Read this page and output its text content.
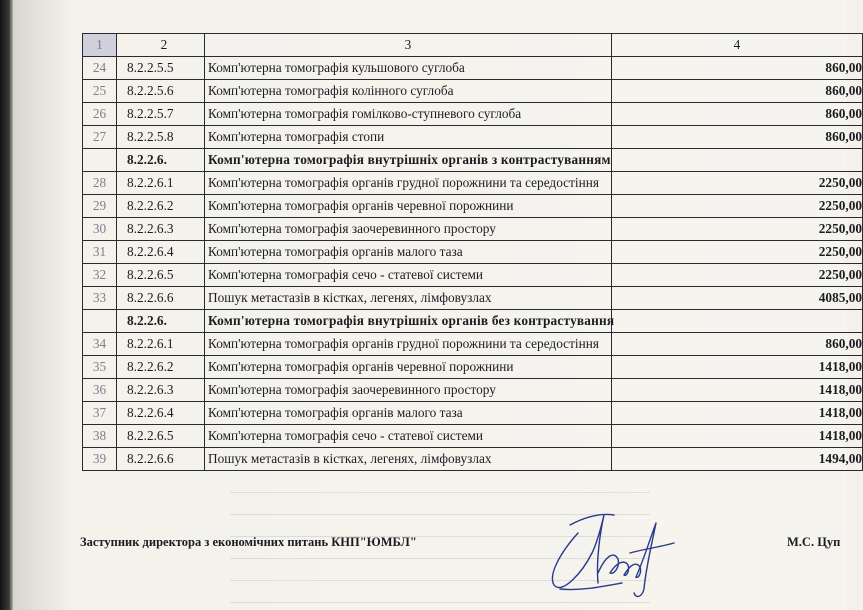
1	2	3	4
24	8.2.2.5.5	Комп'ютерна томографія кульшового суглоба	860,00
25	8.2.2.5.6	Комп'ютерна томографія колінного суглоба	860,00
26	8.2.2.5.7	Комп'ютерна томографія гомілково-ступневого суглоба	860,00
27	8.2.2.5.8	Комп'ютерна томографія стопи	860,00
	8.2.2.6.	Комп'ютерна томографія внутрішніх органів з контрастуванням	
28	8.2.2.6.1	Комп'ютерна томографія органів грудної порожнини та середостіння	2250,00
29	8.2.2.6.2	Комп'ютерна томографія органів черевної порожнини	2250,00
30	8.2.2.6.3	Комп'ютерна томографія заочеревинного простору	2250,00
31	8.2.2.6.4	Комп'ютерна томографія органів малого таза	2250,00
32	8.2.2.6.5	Комп'ютерна томографія сечо - статевої системи	2250,00
33	8.2.2.6.6	Пошук метастазів в кістках, легенях, лімфовузлах	4085,00
	8.2.2.6.	Комп'ютерна томографія внутрішніх органів без контрастування	
34	8.2.2.6.1	Комп'ютерна томографія органів грудної порожнини та середостіння	860,00
35	8.2.2.6.2	Комп'ютерна томографія органів черевної порожнини	1418,00
36	8.2.2.6.3	Комп'ютерна томографія заочеревинного простору	1418,00
37	8.2.2.6.4	Комп'ютерна томографія органів малого таза	1418,00
38	8.2.2.6.5	Комп'ютерна томографія сечо - статевої системи	1418,00
39	8.2.2.6.6	Пошук метастазів в кістках, легенях, лімфовузлах	1494,00
Заступник директора з економічних питань КНП"ЮМБЛ"	М.С. Цуп
